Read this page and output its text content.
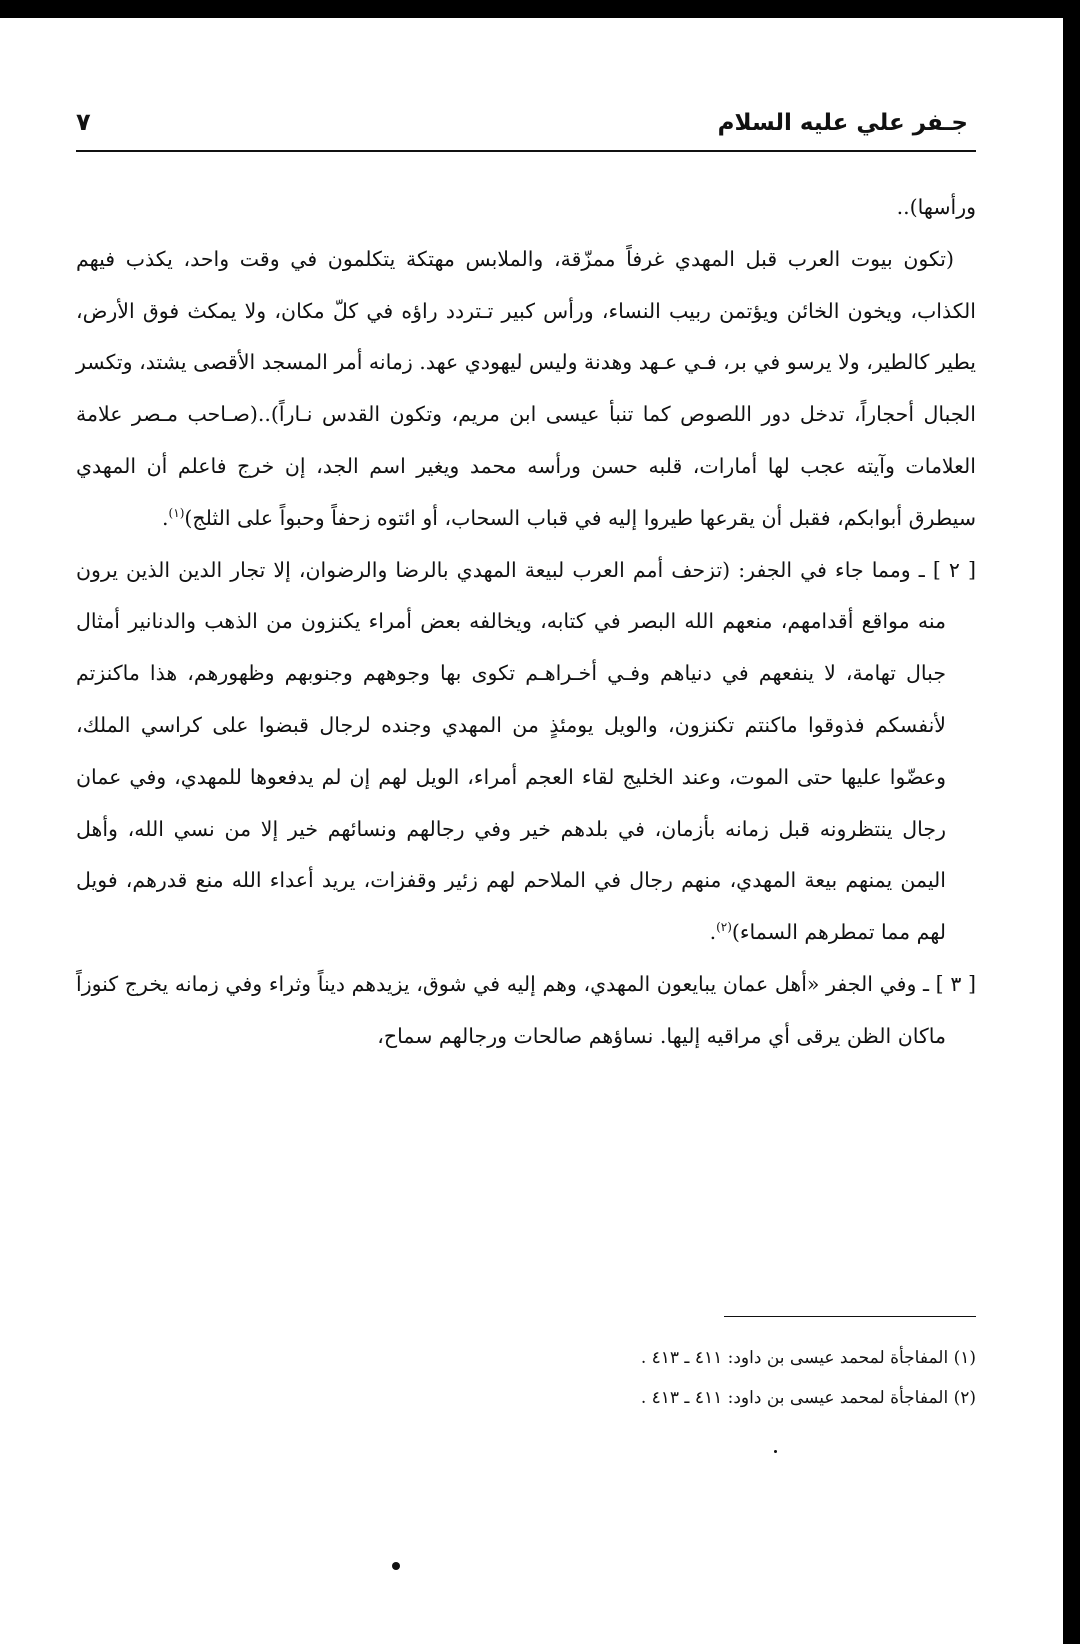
جـفر علي عليه السلام
٧

ورأسها)..

(تكون بيوت العرب قبل المهدي غرفاً ممزّقة، والملابس مهتكة يتكلمون في وقت واحد، يكذب فيهم الكذاب، ويخون الخائن ويؤتمن ربيب النساء، ورأس كبير تـتردد راؤه في كلّ مكان، ولا يمكث فوق الأرض، يطير كالطير، ولا يرسو في بر، فـي عـهد وهدنة وليس ليهودي عهد. زمانه أمر المسجد الأقصى يشتد، وتكسر الجبال أحجاراً، تدخل دور اللصوص كما تنبأ عيسى ابن مريم، وتكون القدس نـاراً)..(صـاحب مـصر علامة العلامات وآيته عجب لها أمارات، قلبه حسن ورأسه محمد ويغير اسم الجد، إن خرج فاعلم أن المهدي سيطرق أبوابكم، فقبل أن يقرعها طيروا إليه في قباب السحاب، أو ائتوه زحفاً وحبواً على الثلج)$^{(١)}$.

[ ٢ ] ـ ومما جاء في الجفر: (تزحف أمم العرب لبيعة المهدي بالرضا والرضوان، إلا تجار الدين الذين يرون منه مواقع أقدامهم، منعهم الله البصر في كتابه، ويخالفه بعض أمراء يكنزون من الذهب والدنانير أمثال جبال تهامة، لا ينفعهم في دنياهم وفـي أخـراهـم تكوى بها وجوههم وجنوبهم وظهورهم، هذا ماكنزتم لأنفسكم فذوقوا ماكنتم تكنزون، والويل يومئذٍ من المهدي وجنده لرجال قبضوا على كراسي الملك، وعضّوا عليها حتى الموت، وعند الخليج لقاء العجم أمراء، الويل لهم إن لم يدفعوها للمهدي، وفي عمان رجال ينتظرونه قبل زمانه بأزمان، في بلدهم خير وفي رجالهم ونسائهم خير إلا من نسي الله، وأهل اليمن يمنهم بيعة المهدي، منهم رجال في الملاحم لهم زئير وقفزات، يريد أعداء الله منع قدرهم، فويل لهم مما تمطرهم السماء)$^{(٢)}$.

[ ٣ ] ـ وفي الجفر «أهل عمان يبايعون المهدي، وهم إليه في شوق، يزيدهم ديناً وثراء وفي زمانه يخرج كنوزاً ماكان الظن يرقى أي مراقيه إليها. نساؤهم صالحات ورجالهم سماح،

(١) المفاجأة لمحمد عيسى بن داود: ٤١١ ـ ٤١٣ .

(٢) المفاجأة لمحمد عيسى بن داود: ٤١١ ـ ٤١٣ .
